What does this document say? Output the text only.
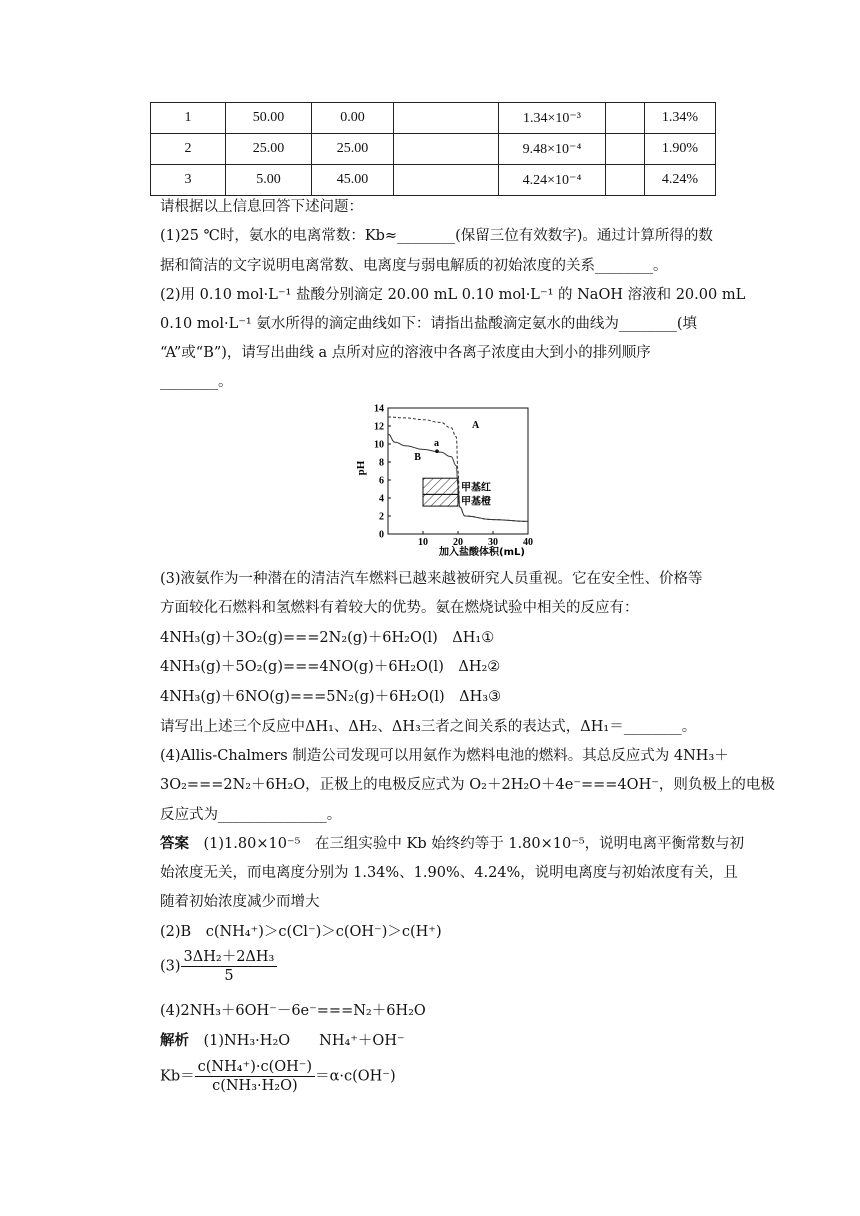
1	50.00	0.00		1.34×10⁻³		1.34%
2	25.00	25.00		9.48×10⁻⁴		1.90%
3	5.00	45.00		4.24×10⁻⁴		4.24%
请根据以上信息回答下述问题：
(1)25 ℃时，氨水的电离常数：Kb≈________(保留三位有效数字)。通过计算所得的数
据和简洁的文字说明电离常数、电离度与弱电解质的初始浓度的关系________。
(2)用 0.10 mol·L⁻¹ 盐酸分别滴定 20.00 mL 0.10 mol·L⁻¹ 的 NaOH 溶液和 20.00 mL
0.10 mol·L⁻¹ 氨水所得的滴定曲线如下：请指出盐酸滴定氨水的曲线为________(填
“A”或“B”)，请写出曲线 a 点所对应的溶液中各离子浓度由大到小的排列顺序
________。
pH
0
2
4
6
8
10
12
14
10	20	30	40
甲基红
甲基橙
a
A
B
加入盐酸体积(mL)
(3)液氨作为一种潜在的清洁汽车燃料已越来越被研究人员重视。它在安全性、价格等
方面较化石燃料和氢燃料有着较大的优势。氨在燃烧试验中相关的反应有：
4NH₃(g)＋3O₂(g)===2N₂(g)＋6H₂O(l)　ΔH₁①
4NH₃(g)＋5O₂(g)===4NO(g)＋6H₂O(l)　ΔH₂②
4NH₃(g)＋6NO(g)===5N₂(g)＋6H₂O(l)　ΔH₃③
请写出上述三个反应中ΔH₁、ΔH₂、ΔH₃三者之间关系的表达式，ΔH₁＝________。
(4)Allis-Chalmers 制造公司发现可以用氨作为燃料电池的燃料。其总反应式为 4NH₃＋
3O₂===2N₂＋6H₂O，正极上的电极反应式为 O₂＋2H₂O＋4e⁻===4OH⁻，则负极上的电极
反应式为_______________。
答案　(1)1.80×10⁻⁵　在三组实验中 Kb 始终约等于 1.80×10⁻⁵，说明电离平衡常数与初
始浓度无关，而电离度分别为 1.34%、1.90%、4.24%，说明电离度与初始浓度有关，且
随着初始浓度减少而增大
(2)B　c(NH₄⁺)＞c(Cl⁻)＞c(OH⁻)＞c(H⁺)
$(3) \frac{\text{3ΔH₂＋2ΔH₃}}{5}$
(4)2NH₃＋6OH⁻－6e⁻===N₂＋6H₂O
解析　(1)NH₃·H₂O　　NH₄⁺＋OH⁻
$Kb= \frac{\text{c(NH₄⁺)·c(OH⁻)}}{\text{c(NH₃·H₂O)}} =\alpha\cdot c(OH^-)$
